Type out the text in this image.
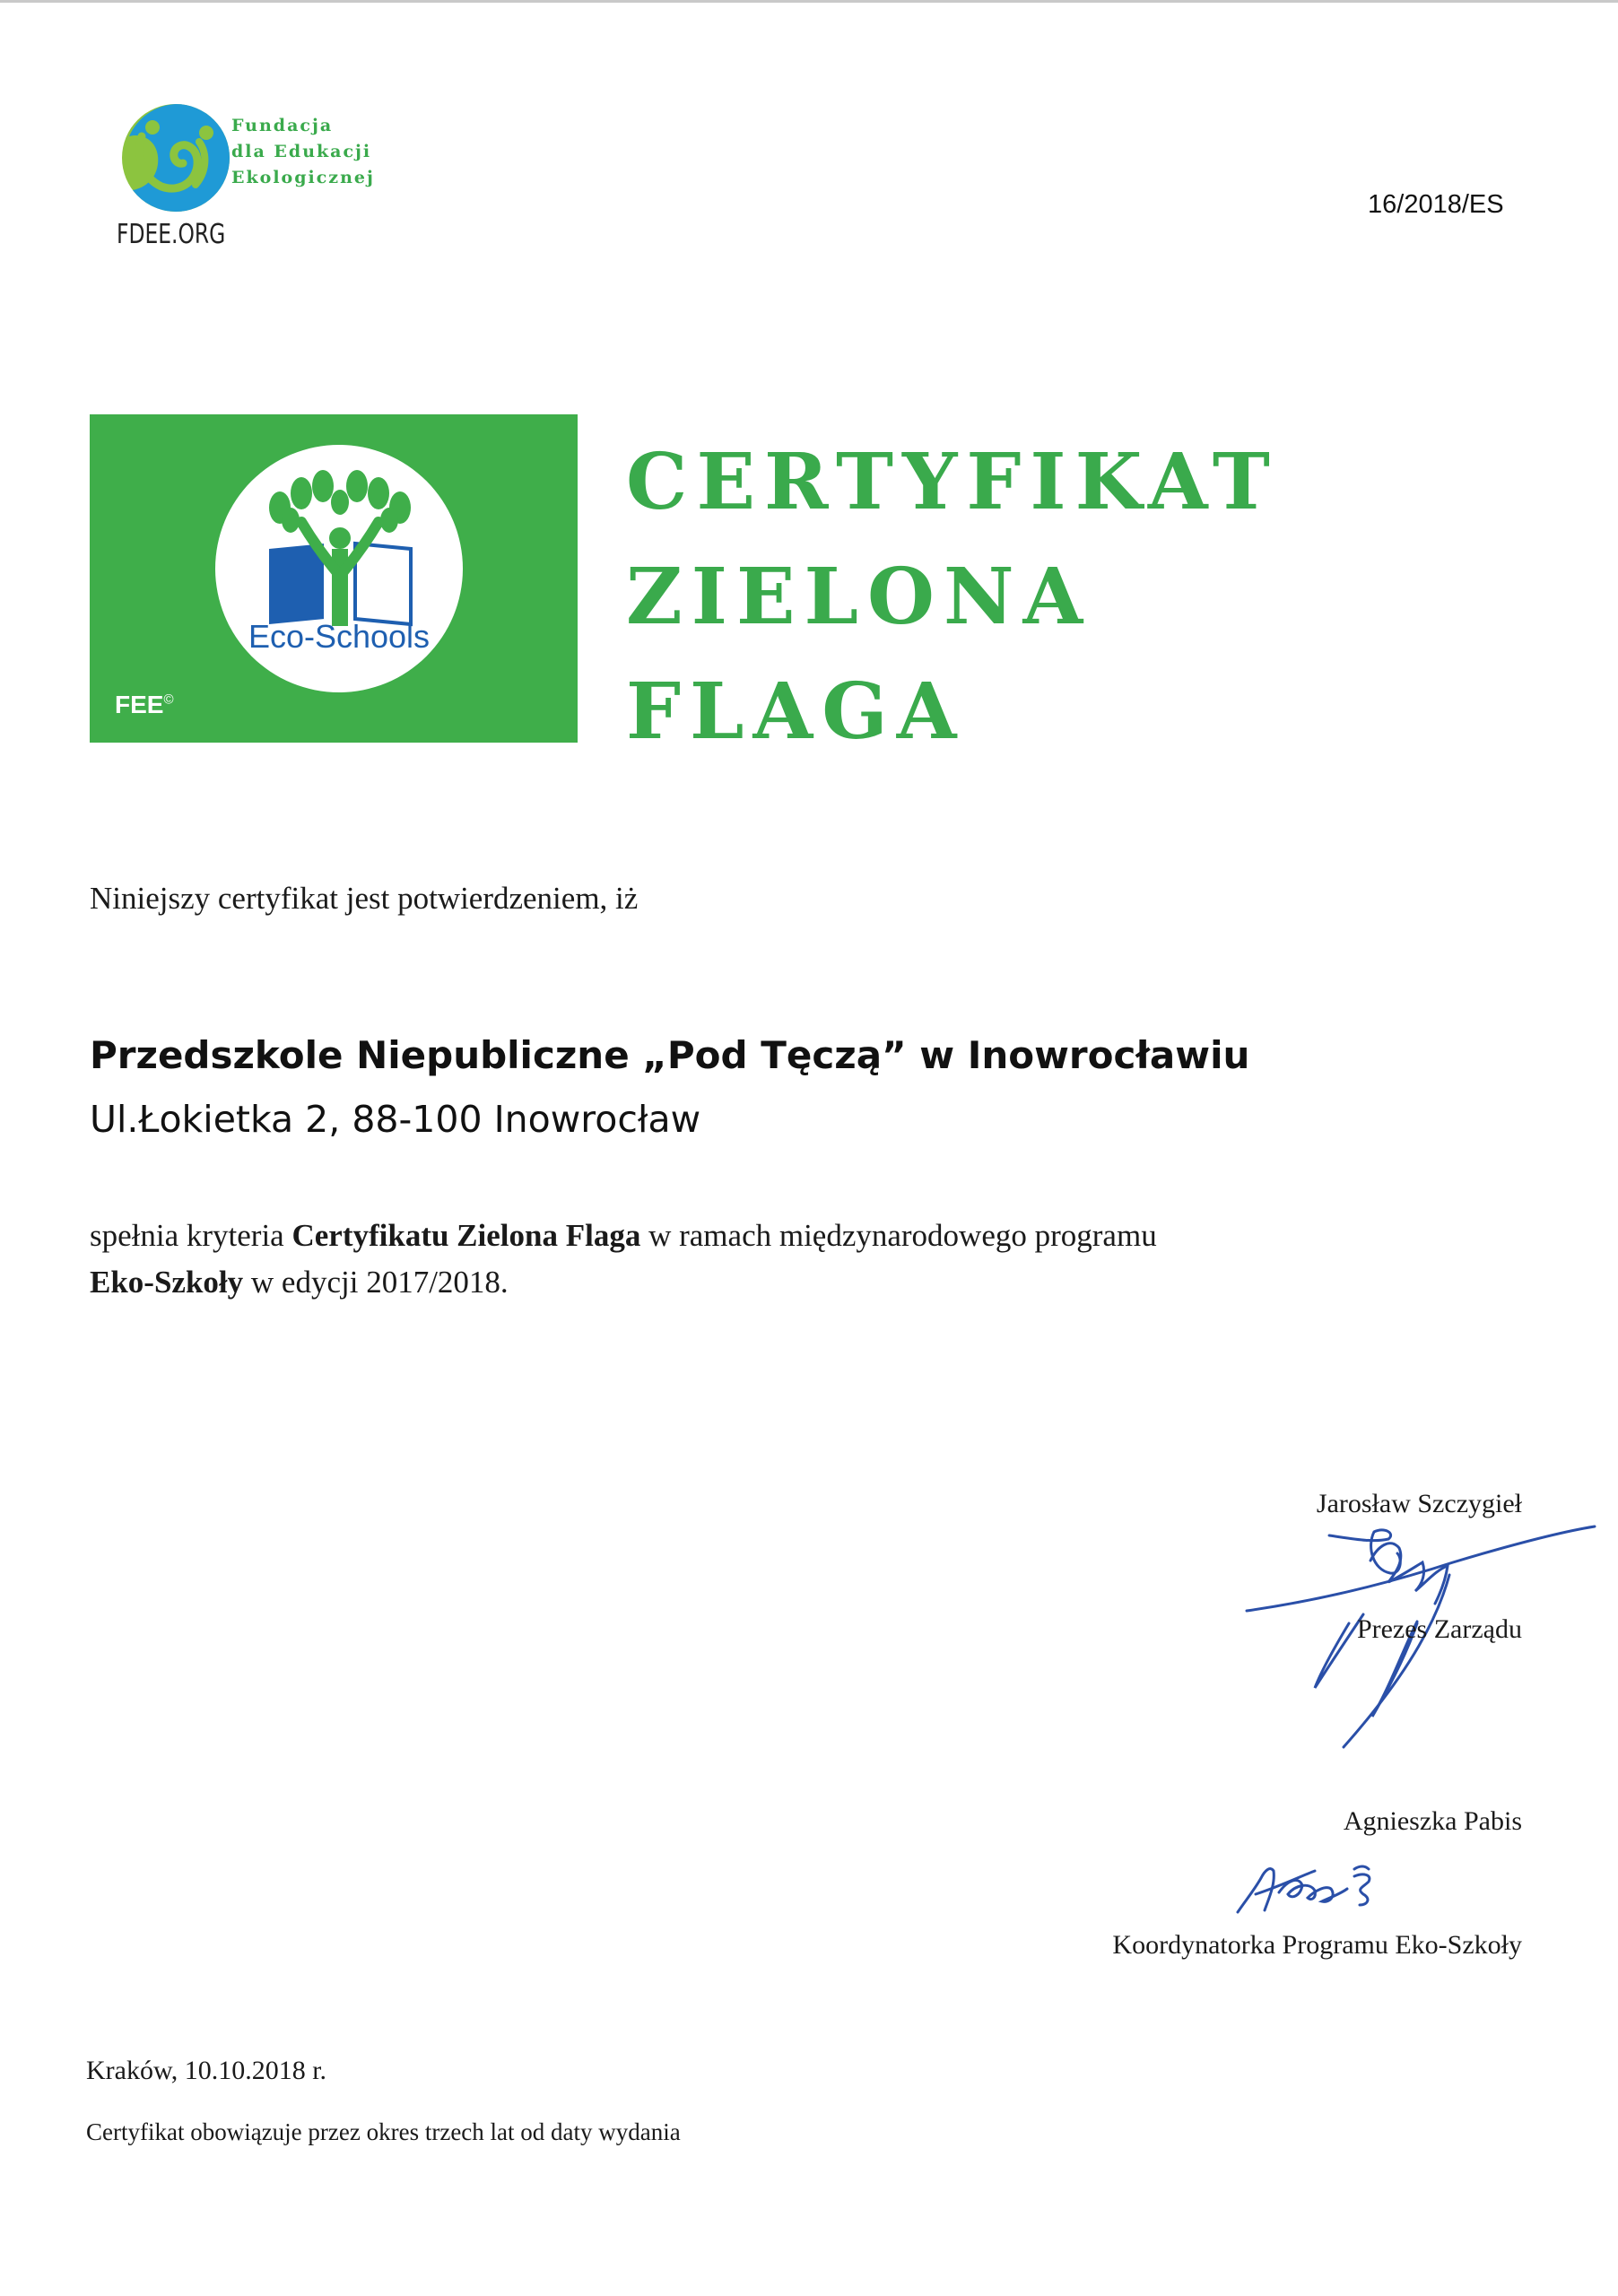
Fundacja
dla Edukacji
Ekologicznej
FDEE.ORG
16/2018/ES
Eco-Schools
FEE©
CERTYFIKAT
ZIELONA
FLAGA
Niniejszy certyfikat jest potwierdzeniem, iż
Przedszkole Niepubliczne „Pod Tęczą” w Inowrocławiu
Ul.Łokietka 2, 88-100 Inowrocław
spełnia kryteria Certyfikatu Zielona Flaga w ramach międzynarodowego programu
Eko-Szkoły w edycji 2017/2018.
Jarosław Szczygieł
Prezes Zarządu
Agnieszka Pabis
Koordynatorka Programu Eko-Szkoły
Kraków, 10.10.2018 r.
Certyfikat obowiązuje przez okres trzech lat od daty wydania
